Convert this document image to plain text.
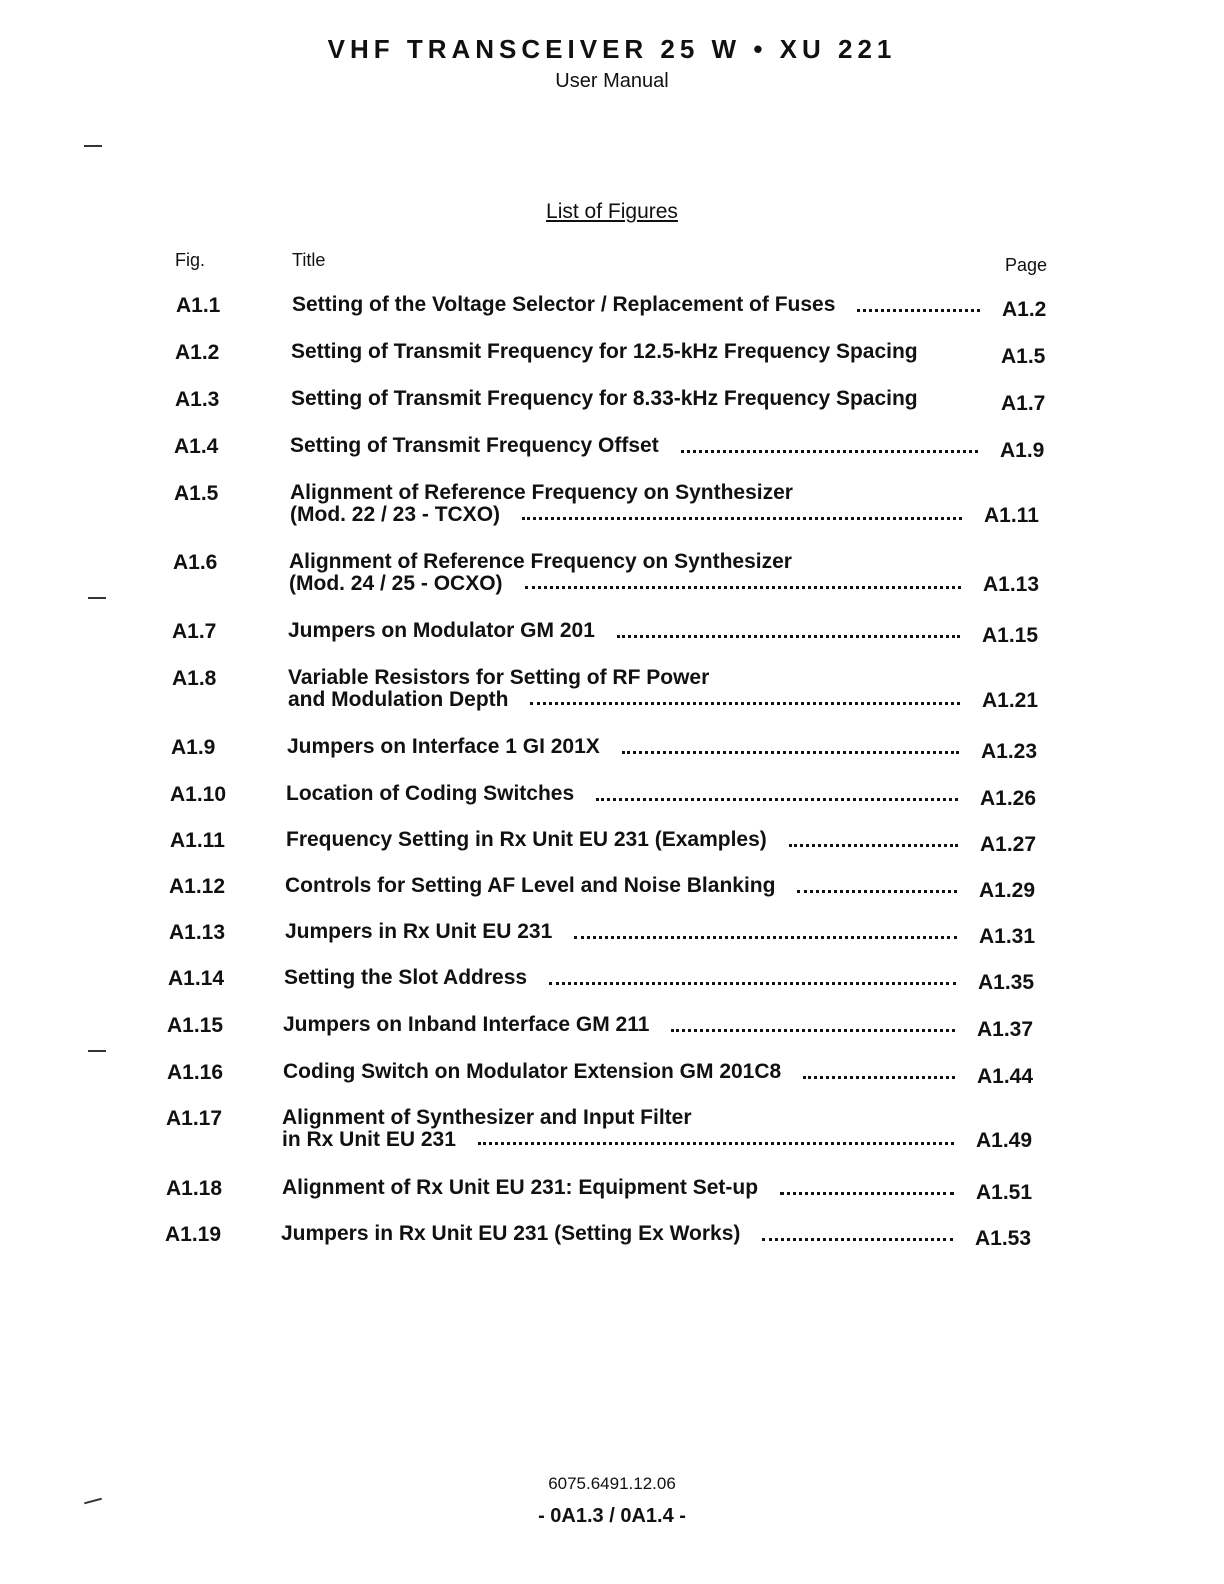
VHF TRANSCEIVER 25 W • XU 221
User Manual
List of Figures
Fig.	Title	Page
A1.1	Setting of the Voltage Selector / Replacement of Fuses	A1.2
A1.2	Setting of Transmit Frequency for 12.5-kHz Frequency Spacing	A1.5
A1.3	Setting of Transmit Frequency for 8.33-kHz Frequency Spacing	A1.7
A1.4	Setting of Transmit Frequency Offset	A1.9
A1.5	Alignment of Reference Frequency on Synthesizer
(Mod. 22 / 23 - TCXO)	A1.11
A1.6	Alignment of Reference Frequency on Synthesizer
(Mod. 24 / 25 - OCXO)	A1.13
A1.7	Jumpers on Modulator GM 201	A1.15
A1.8	Variable Resistors for Setting of RF Power
and Modulation Depth	A1.21
A1.9	Jumpers on Interface 1 GI 201X	A1.23
A1.10	Location of Coding Switches	A1.26
A1.11	Frequency Setting in Rx Unit EU 231 (Examples)	A1.27
A1.12	Controls for Setting AF Level and Noise Blanking	A1.29
A1.13	Jumpers in Rx Unit EU 231	A1.31
A1.14	Setting the Slot Address	A1.35
A1.15	Jumpers on Inband Interface GM 211	A1.37
A1.16	Coding Switch on Modulator Extension GM 201C8	A1.44
A1.17	Alignment of Synthesizer and Input Filter
in Rx Unit EU 231	A1.49
A1.18	Alignment of Rx Unit EU 231: Equipment Set-up	A1.51
A1.19	Jumpers in Rx Unit EU 231 (Setting Ex Works)	A1.53
6075.6491.12.06
- 0A1.3 / 0A1.4 -
